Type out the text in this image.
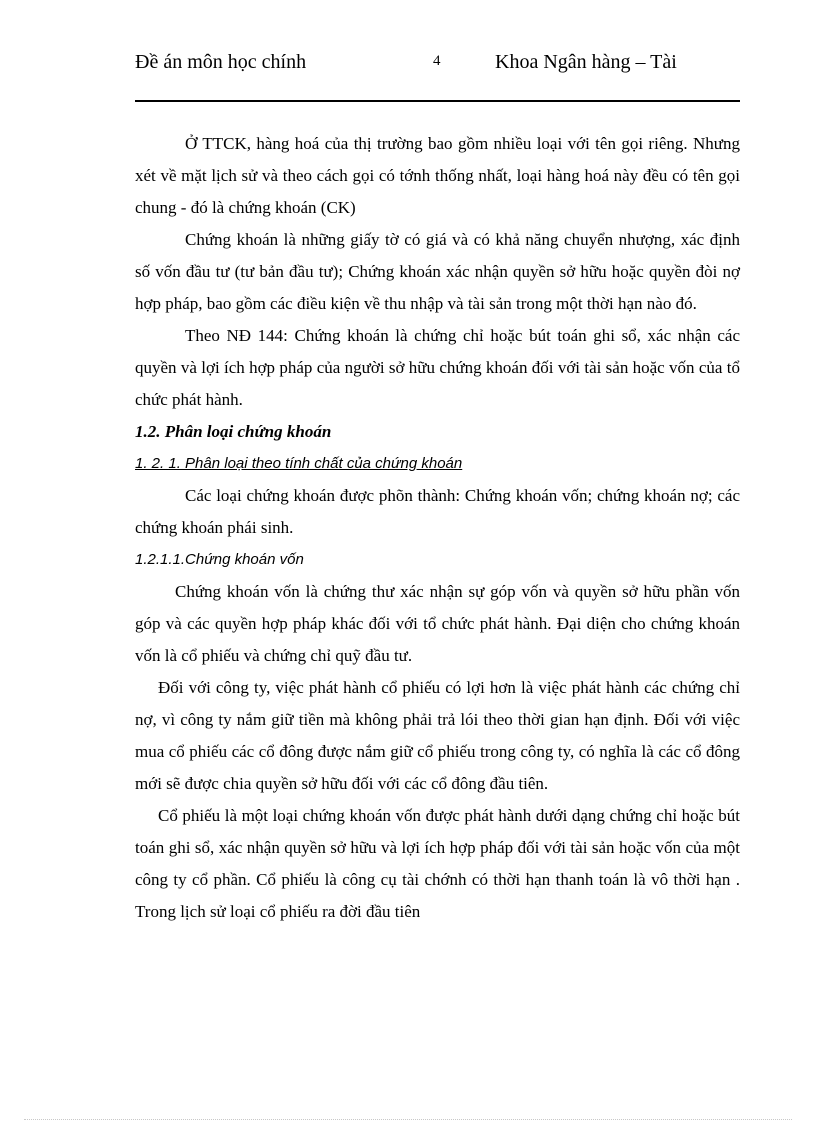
Đề án môn học chính	4	Khoa Ngân hàng – Tài

Ở TTCK, hàng hoá của thị trường bao gồm nhiều loại với tên gọi riêng. Nhưng xét về mặt lịch sử và theo cách gọi có tớnh thống nhất, loại hàng hoá này đều có tên gọi chung - đó là chứng khoán (CK)

Chứng khoán là những giấy tờ có giá và có khả năng chuyển nhượng, xác định số vốn đầu tư (tư bản đầu tư); Chứng khoán xác nhận quyền sở hữu hoặc quyền đòi nợ hợp pháp, bao gồm các điều kiện về thu nhập và tài sản trong một thời hạn nào đó.

Theo NĐ 144: Chứng khoán là chứng chỉ hoặc bút toán ghi sổ, xác nhận các quyền và lợi ích hợp pháp của người sở hữu chứng khoán đối với tài sản hoặc vốn của tổ chức phát hành.

1.2. Phân loại chứng khoán
1. 2. 1. Phân loại theo tính chất của chứng khoán

Các loại chứng khoán được phõn thành: Chứng khoán vốn; chứng khoán nợ; các chứng khoán phái sinh.

1.2.1.1.Chứng khoán vốn

Chứng khoán vốn là chứng thư xác nhận sự góp vốn và quyền sở hữu phần vốn góp và các quyền hợp pháp khác đối với tổ chức phát hành. Đại diện cho chứng khoán vốn là cổ phiếu và chứng chỉ quỹ đầu tư.

Đối với công ty, việc phát hành cổ phiếu có lợi hơn là việc phát hành các chứng chỉ nợ, vì công ty nắm giữ tiền mà không phải trả lói theo thời gian hạn định. Đối với việc mua cổ phiếu các cổ đông được nắm giữ cổ phiếu trong công ty, có nghĩa là các cổ đông mới sẽ được chia quyền sở hữu đối với các cổ đông đầu tiên.

Cổ phiếu là một loại chứng khoán vốn được phát hành dưới dạng chứng chỉ hoặc bút toán ghi sổ, xác nhận quyền sở hữu và lợi ích hợp pháp đối với tài sản hoặc vốn của một công ty cổ phần. Cổ phiếu là công cụ tài chớnh có thời hạn thanh toán là vô thời hạn . Trong lịch sử loại cổ phiếu ra đời đầu tiên
